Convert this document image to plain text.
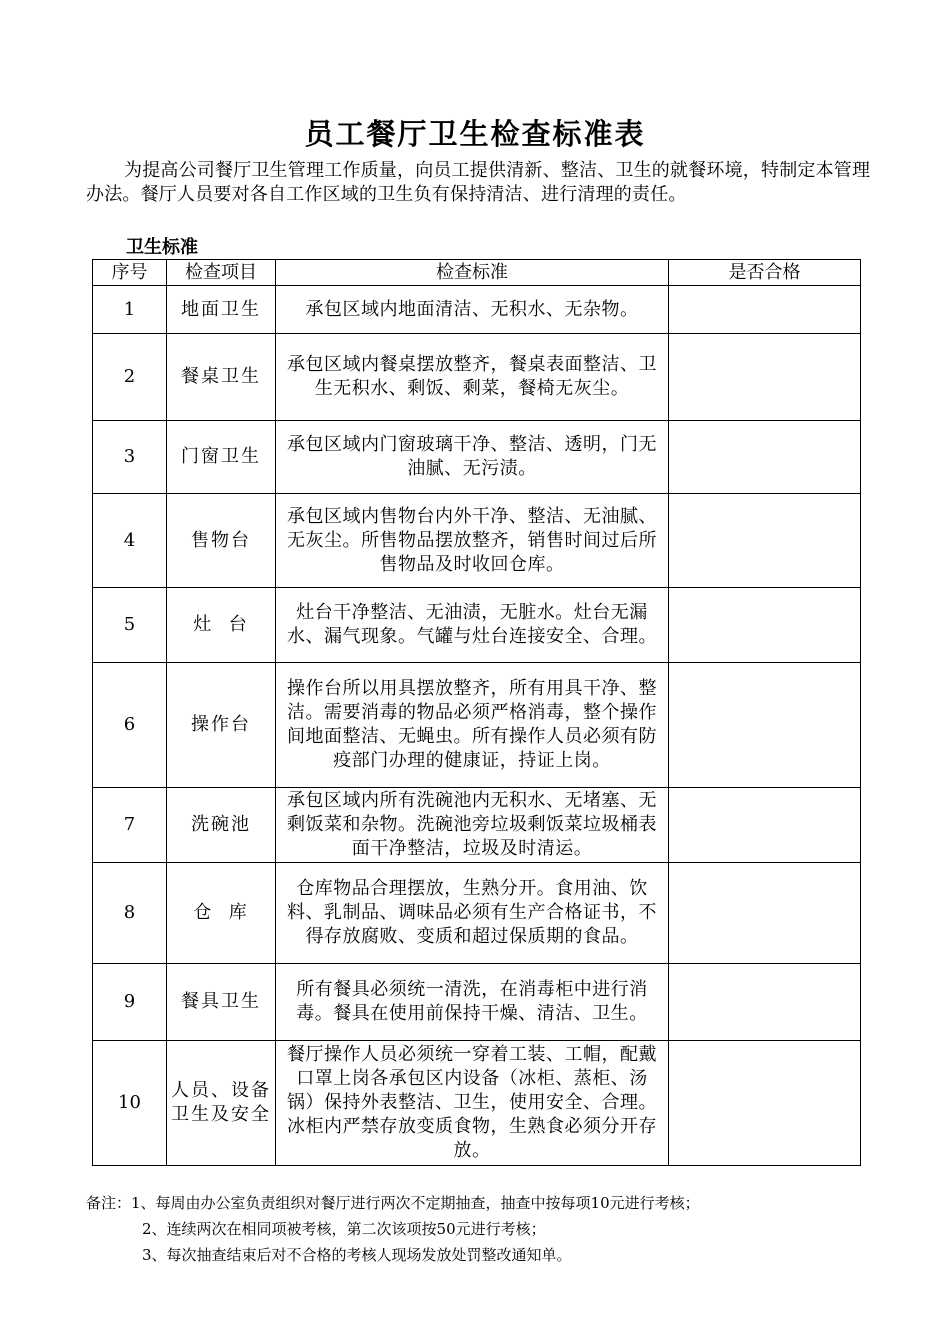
员工餐厅卫生检查标准表
为提高公司餐厅卫生管理工作质量，向员工提供清新、整洁、卫生的就餐环境，特制定本管理办法。餐厅人员要对各自工作区域的卫生负有保持清洁、进行清理的责任。
卫生标准
序号	检查项目	检查标准	是否合格
1	地面卫生	承包区域内地面清洁、无积水、无杂物。	
2	餐桌卫生	承包区域内餐桌摆放整齐，餐桌表面整洁、卫生无积水、剩饭、剩菜，餐椅无灰尘。	
3	门窗卫生	承包区域内门窗玻璃干净、整洁、透明，门无油腻、无污渍。	
4	售物台	承包区域内售物台内外干净、整洁、无油腻、无灰尘。所售物品摆放整齐，销售时间过后所售物品及时收回仓库。	
5	灶  台	灶台干净整洁、无油渍，无脏水。灶台无漏水、漏气现象。气罐与灶台连接安全、合理。	
6	操作台	操作台所以用具摆放整齐，所有用具干净、整洁。需要消毒的物品必须严格消毒，整个操作间地面整洁、无蝇虫。所有操作人员必须有防疫部门办理的健康证，持证上岗。	
7	洗碗池	承包区域内所有洗碗池内无积水、无堵塞、无剩饭菜和杂物。洗碗池旁垃圾剩饭菜垃圾桶表面干净整洁，垃圾及时清运。	
8	仓  库	仓库物品合理摆放，生熟分开。食用油、饮料、乳制品、调味品必须有生产合格证书，不得存放腐败、变质和超过保质期的食品。	
9	餐具卫生	所有餐具必须统一清洗，在消毒柜中进行消毒。餐具在使用前保持干燥、清洁、卫生。	
10	人员、设备卫生及安全	餐厅操作人员必须统一穿着工装、工帽，配戴口罩上岗各承包区内设备（冰柜、蒸柜、汤锅）保持外表整洁、卫生，使用安全、合理。冰柜内严禁存放变质食物，生熟食必须分开存放。	
备注：1、每周由办公室负责组织对餐厅进行两次不定期抽查，抽查中按每项10元进行考核；
2、连续两次在相同项被考核，第二次该项按50元进行考核；
3、每次抽查结束后对不合格的考核人现场发放处罚整改通知单。
